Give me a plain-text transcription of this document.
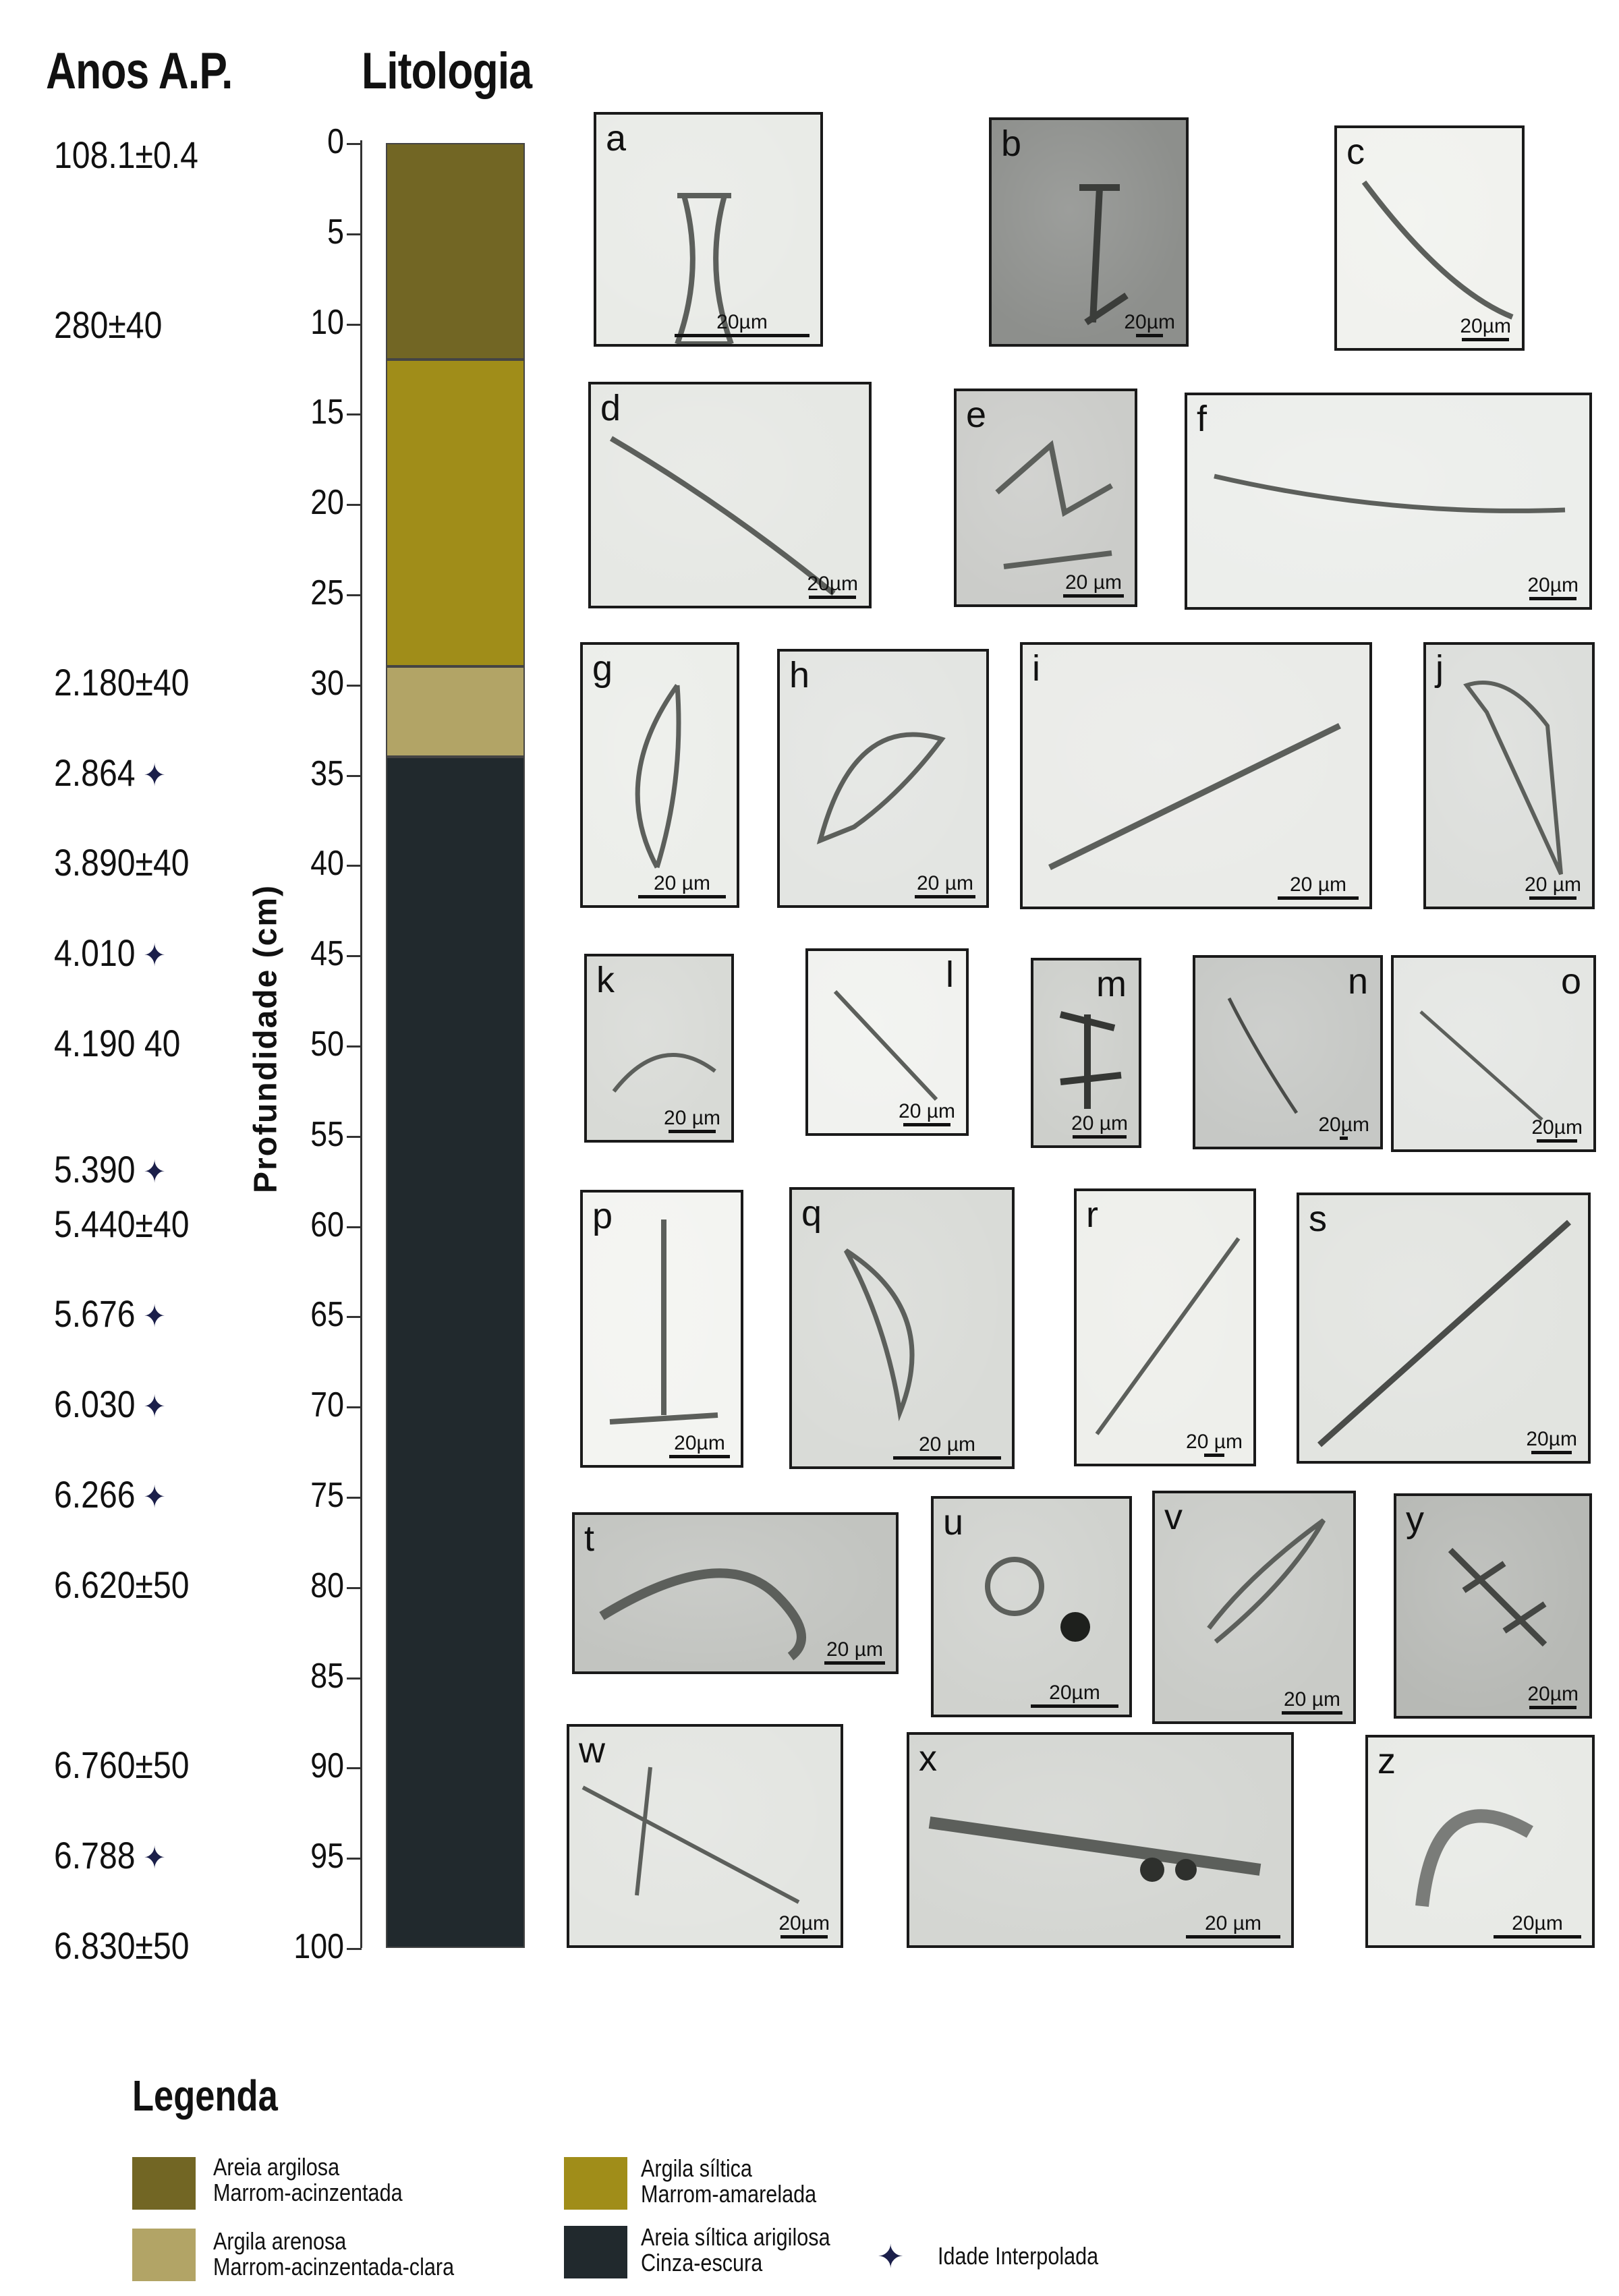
Anos A.P.	Litologia
108.1±0.4
280±40
2.180±40
2.864 ✦
3.890±40
4.010 ✦
4.190 40
5.390 ✦
5.440±40
5.676 ✦
6.030 ✦
6.266 ✦
6.620±50
6.760±50
6.788 ✦
6.830±50
0
5
10
15
20
25
30
35
40
45
50
55
60
65
70
75
80
85
90
95
100
Profundidade (cm)
a
20µm
b
20µm
c
20µm
d
20µm
e
20 µm
f
20µm
g
20 µm
h
20 µm
i
20 µm
j
20 µm
k
20 µm
l
20 µm
m
20 µm
n
20µm
o
20µm
p
20µm
q
20 µm
r
20 µm
s
20µm
t
20 µm
u
20µm
v
20 µm
y
20µm
w
20µm
x
20 µm
z
20µm
Legenda
Areia argilosa
Marrom-acinzentada
Argila síltica
Marrom-amarelada
Argila arenosa
Marrom-acinzentada-clara
Areia síltica arigilosa
Cinza-escura	✦ Idade Interpolada
